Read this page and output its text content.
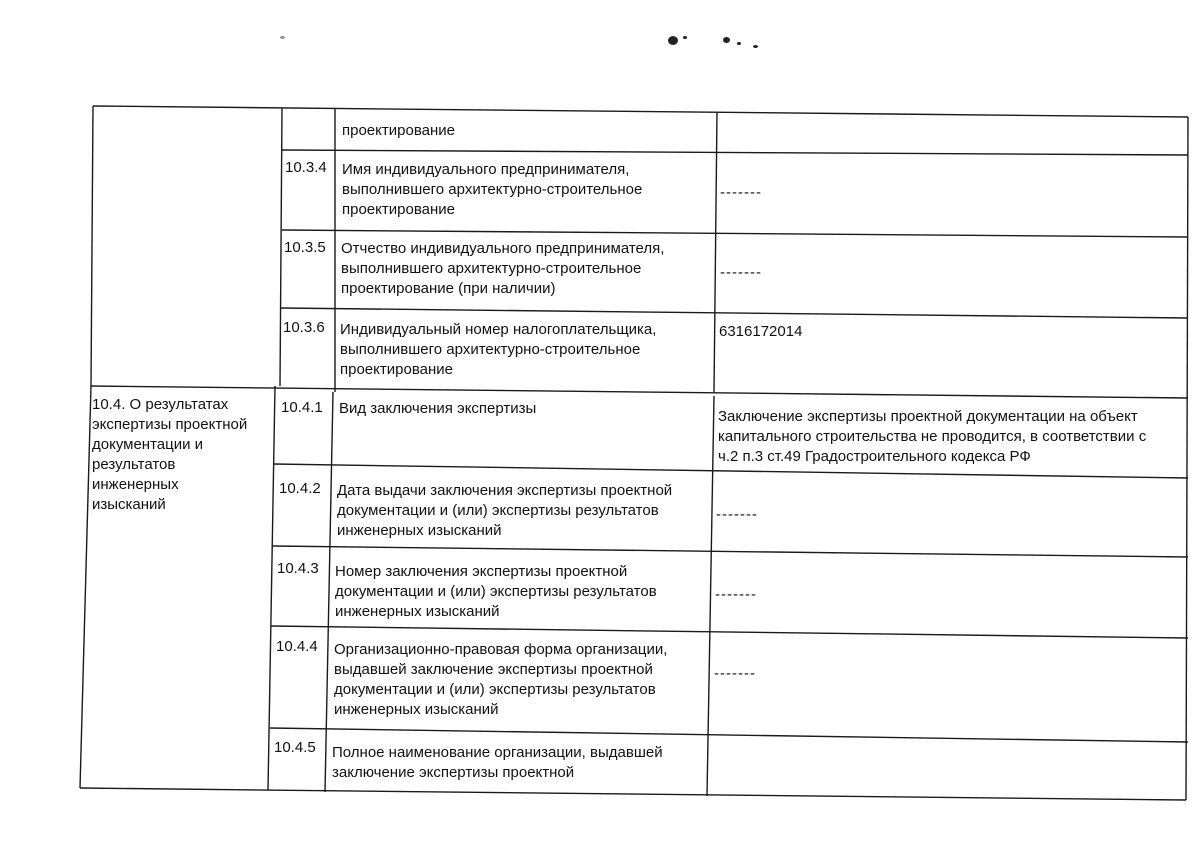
проектирование
10.3.4 Имя индивидуального предпринимателя,
выполнившего архитектурно-строительное
проектирование
-------
10.3.5 Отчество индивидуального предпринимателя,
выполнившего архитектурно-строительное
проектирование (при наличии)
-------
10.3.6 Индивидуальный номер налогоплательщика,
выполнившего архитектурно-строительное
проектирование
6316172014
10.4. О результатах
экспертизы проектной
документации и
результатов
инженерных
изысканий
10.4.1 Вид заключения экспертизы	Заключение экспертизы проектной документации на объект
капитального строительства не проводится, в соответствии с
ч.2 п.3 ст.49 Градостроительного кодекса РФ
10.4.2 Дата выдачи заключения экспертизы проектной
документации и (или) экспертизы результатов
инженерных изысканий
-------
10.4.3 Номер заключения экспертизы проектной
документации и (или) экспертизы результатов
инженерных изысканий
-------
10.4.4 Организационно-правовая форма организации,
выдавшей заключение экспертизы проектной
документации и (или) экспертизы результатов
инженерных изысканий
-------
10.4.5 Полное наименование организации, выдавшей
заключение экспертизы проектной
